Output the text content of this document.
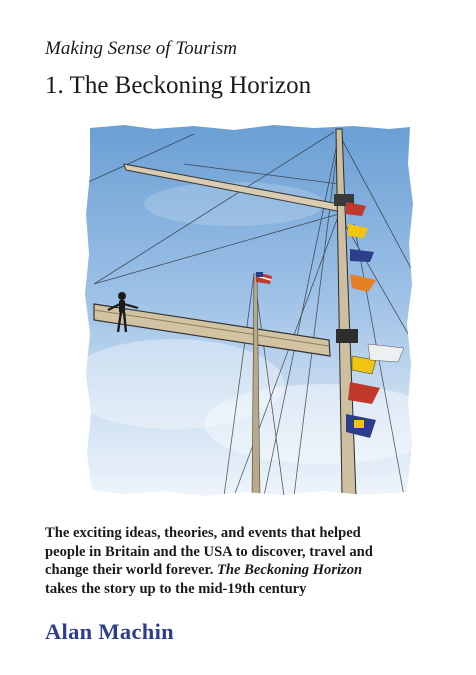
Making Sense of Tourism
1. The Beckoning Horizon
The exciting ideas, theories, and events that helped
people in Britain and the USA to discover, travel and
change their world forever. The Beckoning Horizon
takes the story up to the mid-19th century
Alan Machin
